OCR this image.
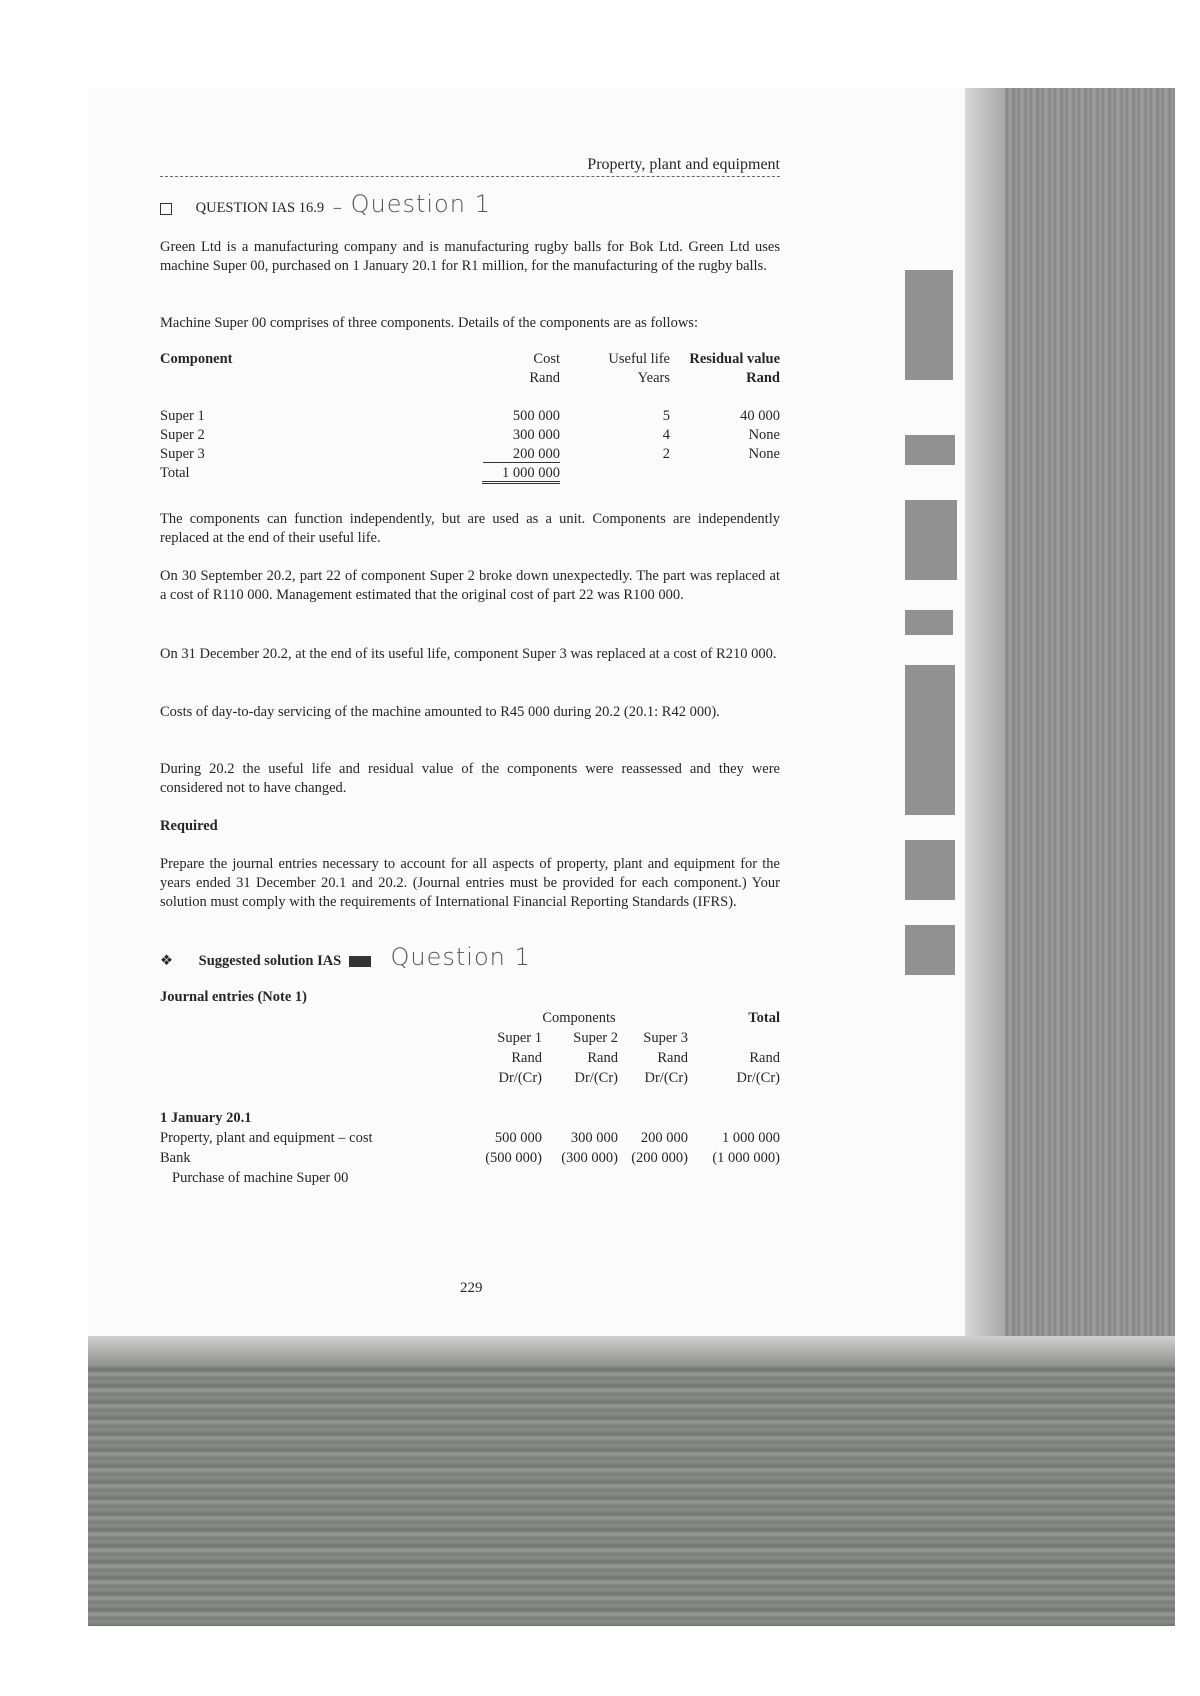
Property, plant and equipment
QUESTION IAS 16.9 – Question 1
Green Ltd is a manufacturing company and is manufacturing rugby balls for Bok Ltd. Green Ltd uses machine Super 00, purchased on 1 January 20.1 for R1 million, for the manufacturing of the rugby balls.
Machine Super 00 comprises of three components. Details of the components are as follows:
Component	Cost	Useful life	Residual value
	Rand	Years	Rand

Super 1	500 000	5	40 000
Super 2	300 000	4	None
Super 3	200 000	2	None
Total	1 000 000		
The components can function independently, but are used as a unit. Components are independently replaced at the end of their useful life.
On 30 September 20.2, part 22 of component Super 2 broke down unexpectedly. The part was replaced at a cost of R110 000. Management estimated that the original cost of part 22 was R100 000.
On 31 December 20.2, at the end of its useful life, component Super 3 was replaced at a cost of R210 000.
Costs of day-to-day servicing of the machine amounted to R45 000 during 20.2 (20.1: R42 000).
During 20.2 the useful life and residual value of the components were reassessed and they were considered not to have changed.
Required
Prepare the journal entries necessary to account for all aspects of property, plant and equipment for the years ended 31 December 20.1 and 20.2. (Journal entries must be provided for each component.) Your solution must comply with the requirements of International Financial Reporting Standards (IFRS).
❖ Suggested solution IAS Question 1
Journal entries (Note 1)
	Components			Total
	Super 1	Super 2	Super 3	
	Rand	Rand	Rand	Rand
	Dr/(Cr)	Dr/(Cr)	Dr/(Cr)	Dr/(Cr)

1 January 20.1				
Property, plant and equipment – cost	500 000	300 000	200 000	1 000 000
Bank	(500 000)	(300 000)	(200 000)	(1 000 000)
Purchase of machine Super 00				
229
